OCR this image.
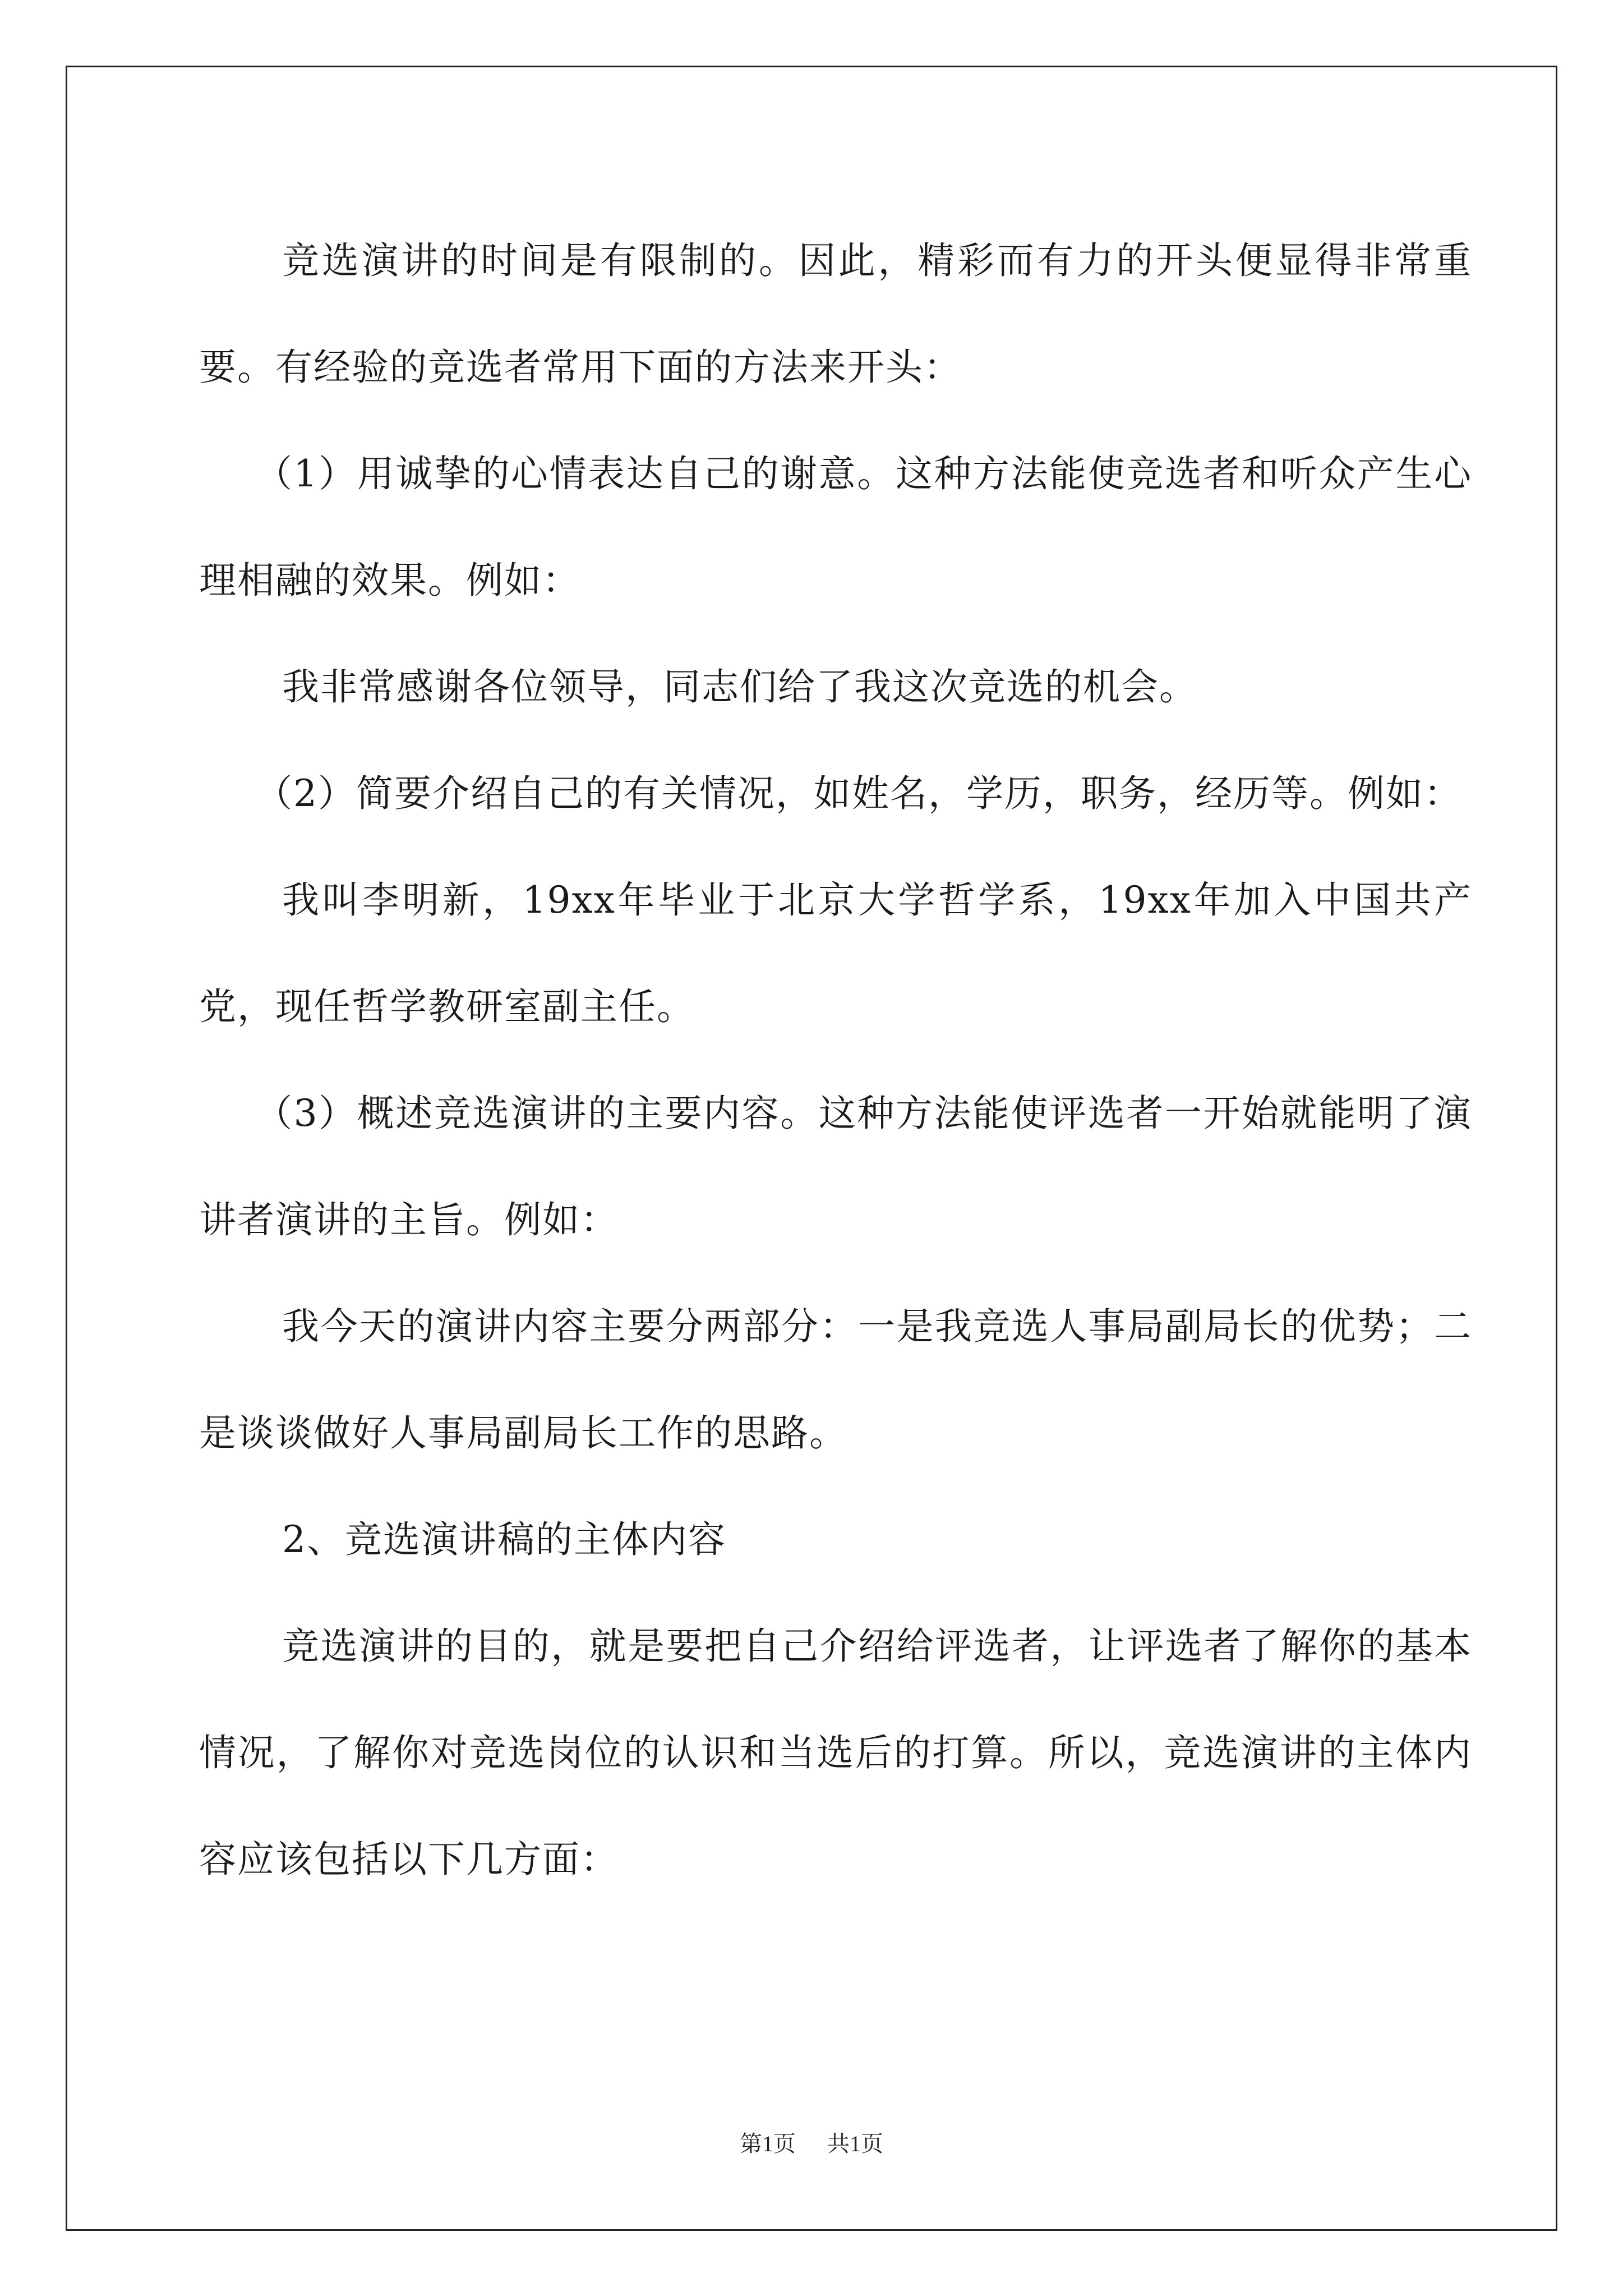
竞选演讲的时间是有限制的。因此，精彩而有力的开头便显得非常重要。有经验的竞选者常用下面的方法来开头：

（1）用诚挚的心情表达自己的谢意。这种方法能使竞选者和听众产生心理相融的效果。例如：

我非常感谢各位领导，同志们给了我这次竞选的机会。

（2）简要介绍自己的有关情况，如姓名，学历，职务，经历等。例如：

我叫李明新，19xx年毕业于北京大学哲学系，19xx年加入中国共产党，现任哲学教研室副主任。

（3）概述竞选演讲的主要内容。这种方法能使评选者一开始就能明了演讲者演讲的主旨。例如：

我今天的演讲内容主要分两部分：一是我竞选人事局副局长的优势；二是谈谈做好人事局副局长工作的思路。

2、竞选演讲稿的主体内容

竞选演讲的目的，就是要把自己介绍给评选者，让评选者了解你的基本情况，了解你对竞选岗位的认识和当选后的打算。所以，竞选演讲的主体内容应该包括以下几方面：

第1页 共1页
